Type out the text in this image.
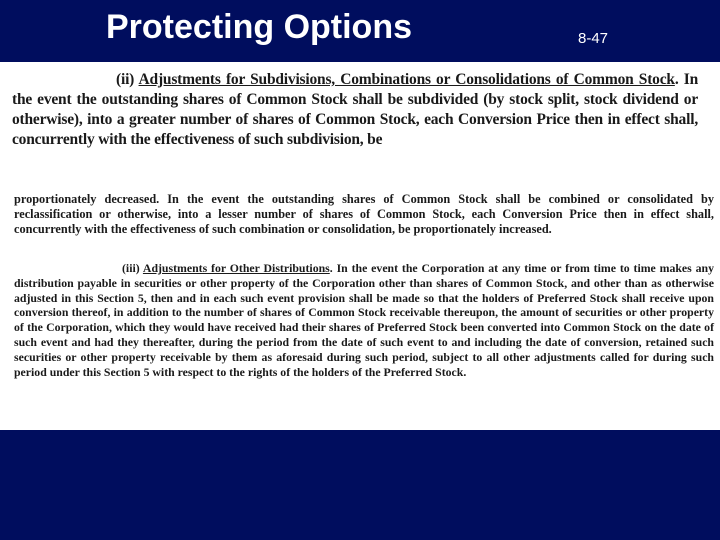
Protecting Options	8-47

(ii) Adjustments for Subdivisions, Combinations or Consolidations of Common Stock. In the event the outstanding shares of Common Stock shall be subdivided (by stock split, stock dividend or otherwise), into a greater number of shares of Common Stock, each Conversion Price then in effect shall, concurrently with the effectiveness of such subdivision, be

proportionately decreased. In the event the outstanding shares of Common Stock shall be combined or consolidated by reclassification or otherwise, into a lesser number of shares of Common Stock, each Conversion Price then in effect shall, concurrently with the effectiveness of such combination or consolidation, be proportionately increased.

(iii) Adjustments for Other Distributions. In the event the Corporation at any time or from time to time makes any distribution payable in securities or other property of the Corporation other than shares of Common Stock, and other than as otherwise adjusted in this Section 5, then and in each such event provision shall be made so that the holders of Preferred Stock shall receive upon conversion thereof, in addition to the number of shares of Common Stock receivable thereupon, the amount of securities or other property of the Corporation, which they would have received had their shares of Preferred Stock been converted into Common Stock on the date of such event and had they thereafter, during the period from the date of such event to and including the date of conversion, retained such securities or other property receivable by them as aforesaid during such period, subject to all other adjustments called for during such period under this Section 5 with respect to the rights of the holders of the Preferred Stock.
